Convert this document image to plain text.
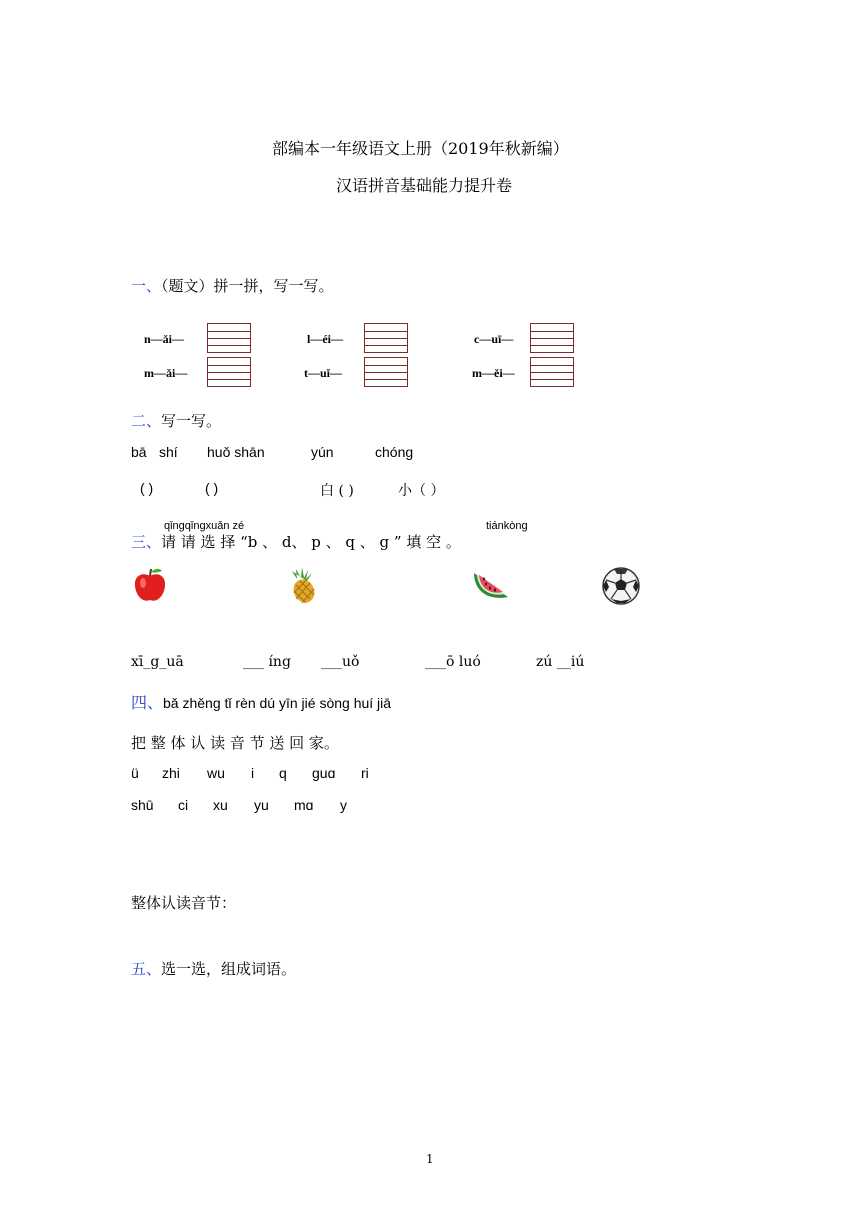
部编本一年级语文上册（2019年秋新编）
汉语拼音基础能力提升卷
一、（题文）拼一拼，写一写。
n—ǎi—	l—éi—	c—uī—
m—ǎi—	t—uǐ—	m—ěi—
二、写一写。
bā shí huǒ shān	yún	chóng
( )	( )	白 ( )	小（ ）
qǐngqǐngxuǎn zé	tiánkòng
三、请 请 选 择 “b 、 d、 p 、 q 、 g ” 填 空 。
xī_g_uā	___ íng ___uǒ	___ō luó	zú __iú
四、bǎ zhěng tǐ rèn dú yīn jié sòng huí jiā
把 整 体 认 读 音 节 送 回 家。
ü zhi wu i q guɑ ri
shū ci xu yu mɑ y
整体认读音节：
五、选一选，组成词语。
1
